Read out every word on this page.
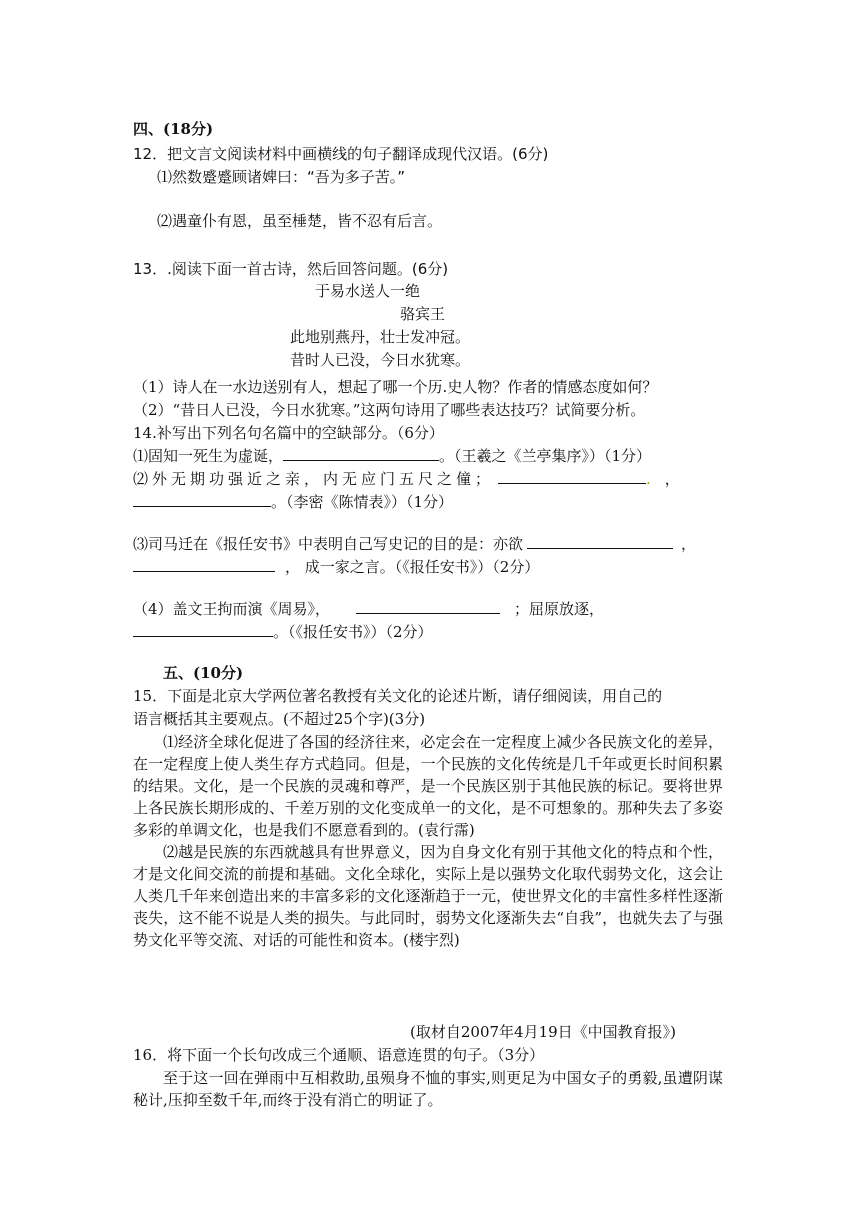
四、(18分)
12．把文言文阅读材料中画横线的句子翻译成现代汉语。(6分)
⑴然数蹙蹙顾诸婢曰：“吾为多子苦。”
⑵遇童仆有恩，虽至棰楚，皆不忍有后言。
13．.阅读下面一首古诗，然后回答问题。(6分)
于易水送人一绝
骆宾王
此地别燕丹，壮士发冲冠。
昔时人已没，今日水犹寒。
（1）诗人在一水边送别有人，想起了哪一个历.史人物？作者的情感态度如何？
（2）“昔日人已没，今日水犹寒。”这两句诗用了哪些表达技巧？试简要分析。
14.补写出下列名句名篇中的空缺部分。（6分）
⑴固知一死生为虚诞，	。（王羲之《兰亭集序》）（1分）
⑵外无期功强近之亲，内无应门五尺之僮；	. ，
。（李密《陈情表》）（1分）
⑶司马迁在《报任安书》中表明自己写史记的目的是：亦欲	，
， 成一家之言。（《报任安书》）（2分）
（4）盖文王拘而演《周易》，	；屈原放逐，
。（《报任安书》）（2分）
五、(10分)
15．下面是北京大学两位著名教授有关文化的论述片断，请仔细阅读，用自己的
语言概括其主要观点。(不超过25个字)(3分)
⑴经济全球化促进了各国的经济往来，必定会在一定程度上减少各民族文化的差异，在一定程度上使人类生存方式趋同。但是，一个民族的文化传统是几千年或更长时间积累的结果。文化，是一个民族的灵魂和尊严，是一个民族区别于其他民族的标记。要将世界上各民族长期形成的、千差万别的文化变成单一的文化，是不可想象的。那种失去了多姿多彩的单调文化，也是我们不愿意看到的。(袁行霈)
⑵越是民族的东西就越具有世界意义，因为自身文化有别于其他文化的特点和个性，才是文化间交流的前提和基础。文化全球化，实际上是以强势文化取代弱势文化，这会让人类几千年来创造出来的丰富多彩的文化逐渐趋于一元，使世界文化的丰富性多样性逐渐丧失，这不能不说是人类的损失。与此同时，弱势文化逐渐失去“自我”，也就失去了与强势文化平等交流、对话的可能性和资本。(楼宇烈)
(取材自2007年4月19日《中国教育报》)
16．将下面一个长句改成三个通顺、语意连贯的句子。（3分）
至于这一回在弹雨中互相救助,虽殒身不恤的事实,则更足为中国女子的勇毅,虽遭阴谋秘计,压抑至数千年,而终于没有消亡的明证了。
